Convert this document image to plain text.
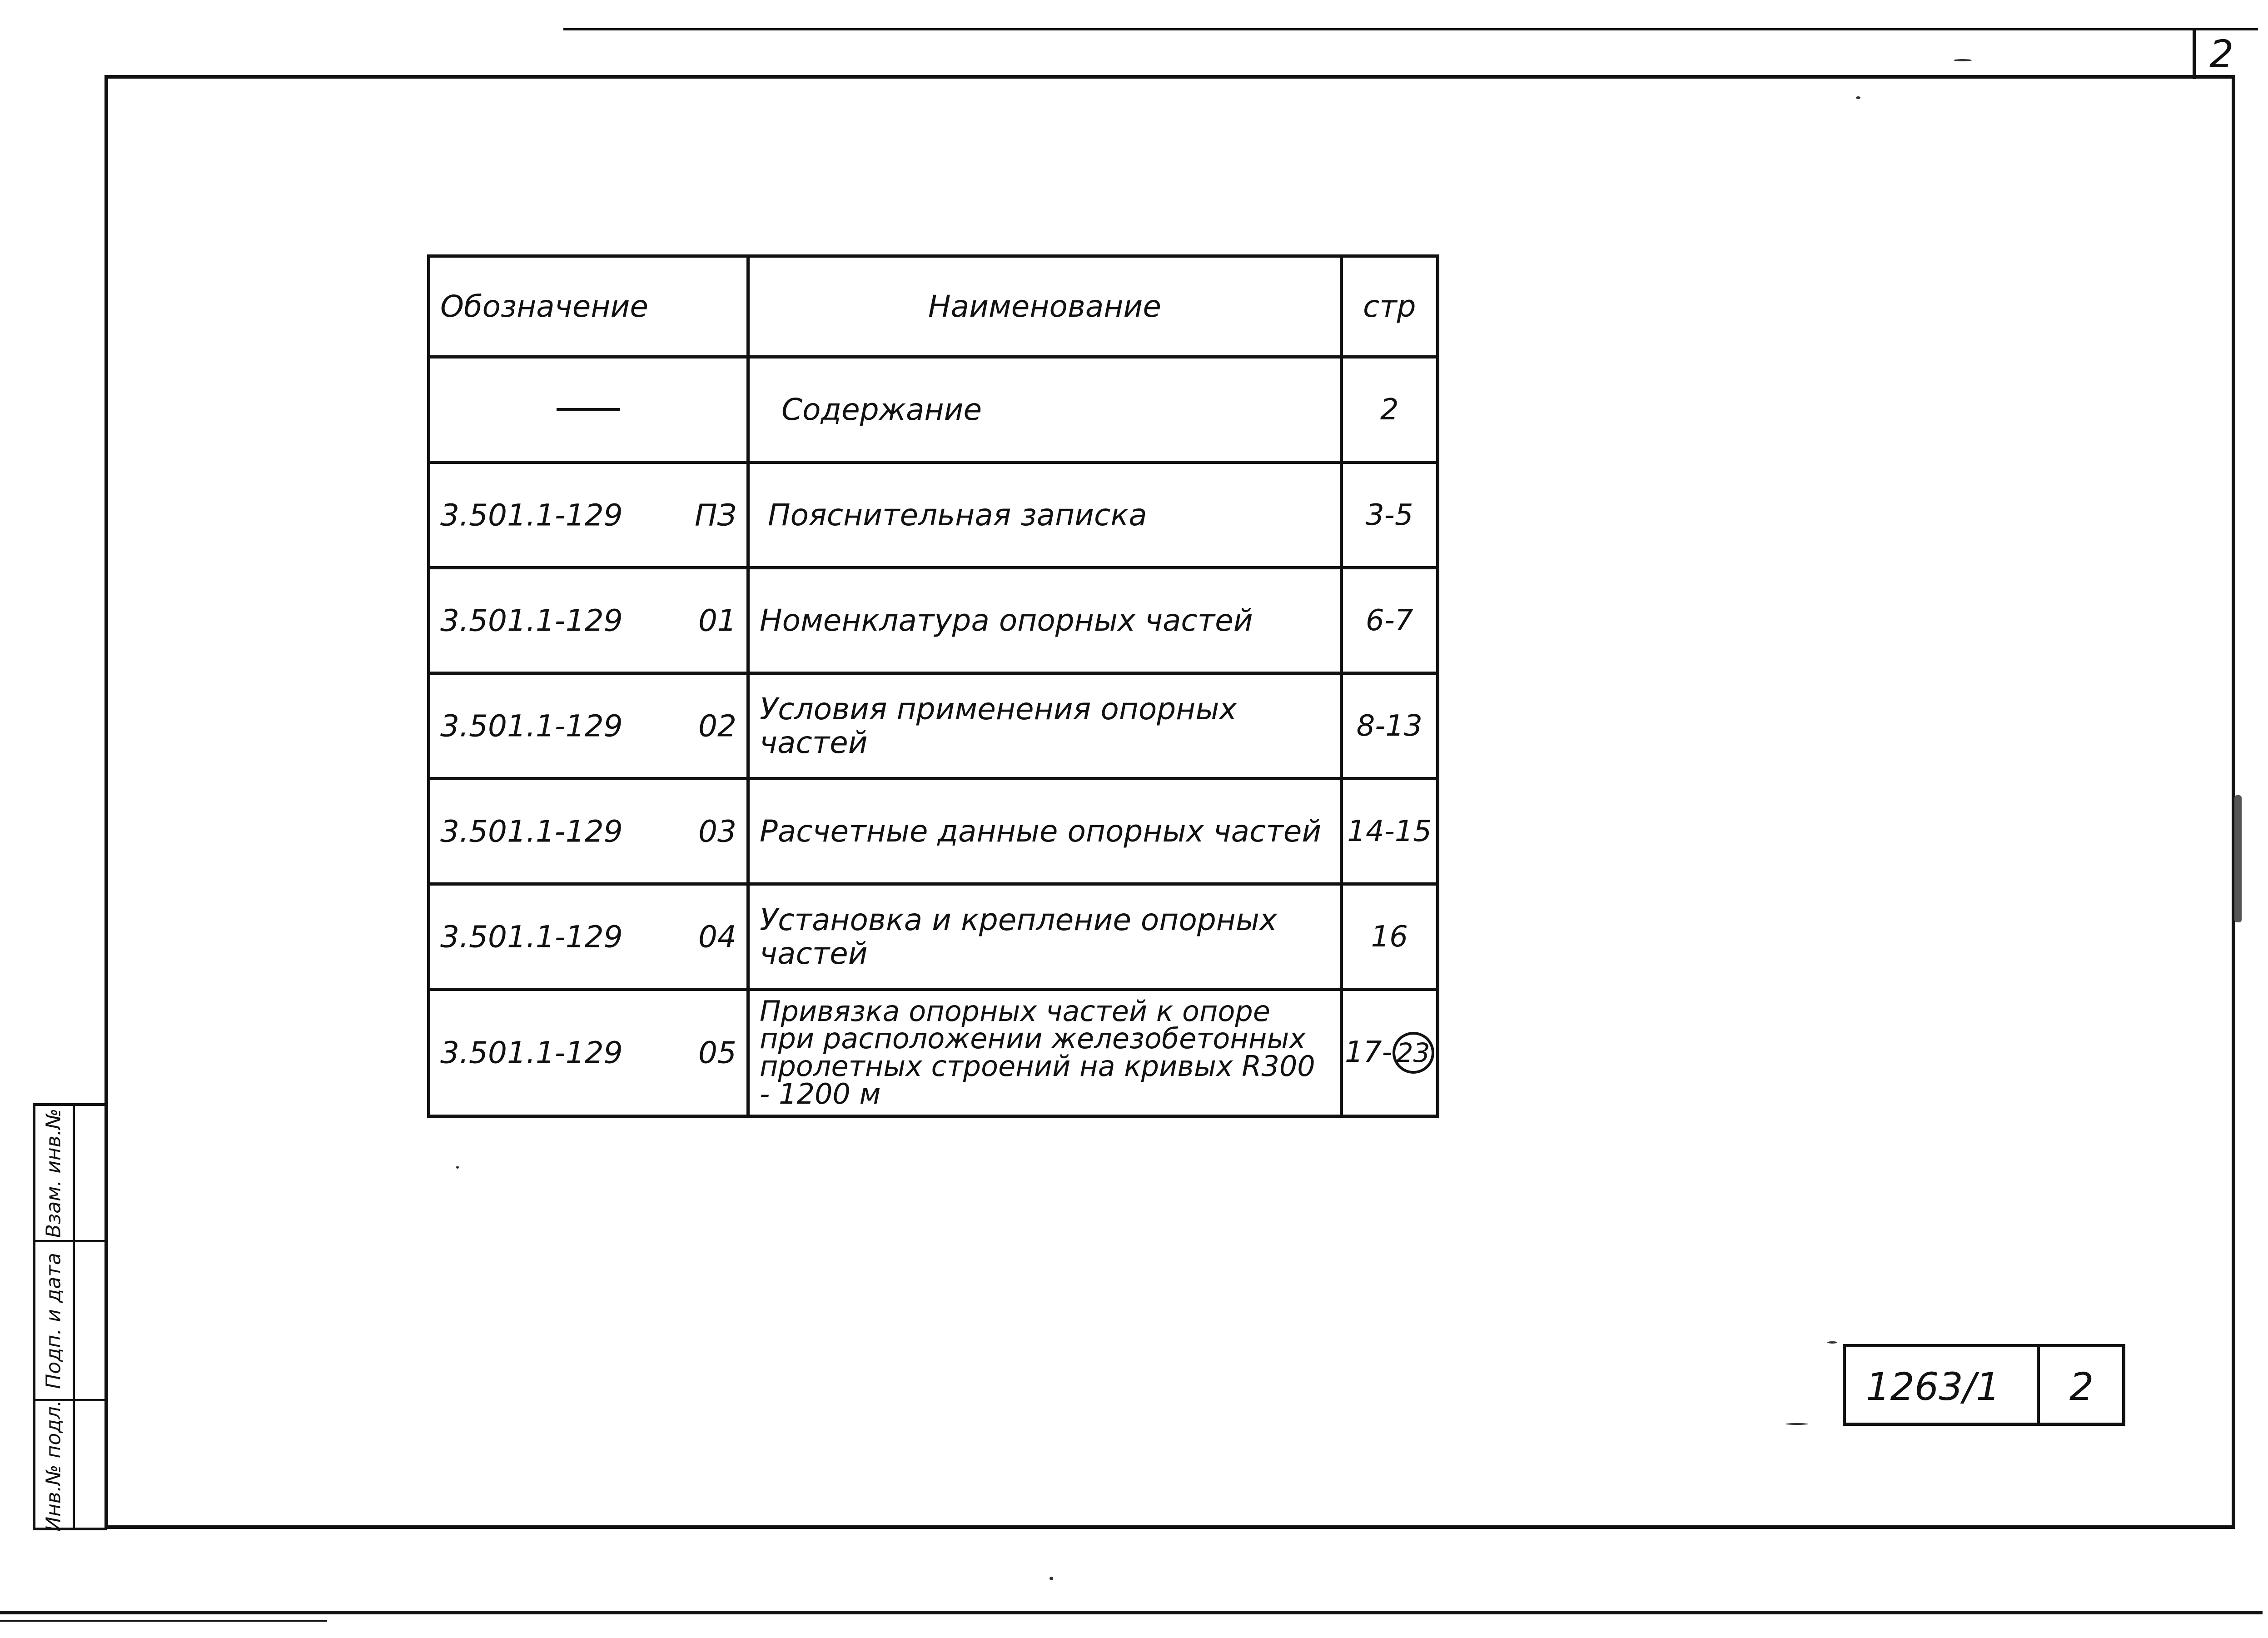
2
Обозначение	Наименование	стр

	Содержание	2

3.501.1-129 ПЗ	Пояснительная записка	3-5

3.501.1-129 01	Номенклатура опорных частей	6-7

3.501.1-129 02	Условия применения опорных частей	8-13

3.501.1-129 03	Расчетные данные опорных частей	14-15

3.501.1-129 04	Установка и крепление опорных частей	16

3.501.1-129 05	Привязка опорных частей к опоре при расположении железобетонных пролетных строений на кривых R300 - 1200 м	17- 23
Взам. инв.№
Подп. и дата
Инв.№ подл.
1263/1 2
